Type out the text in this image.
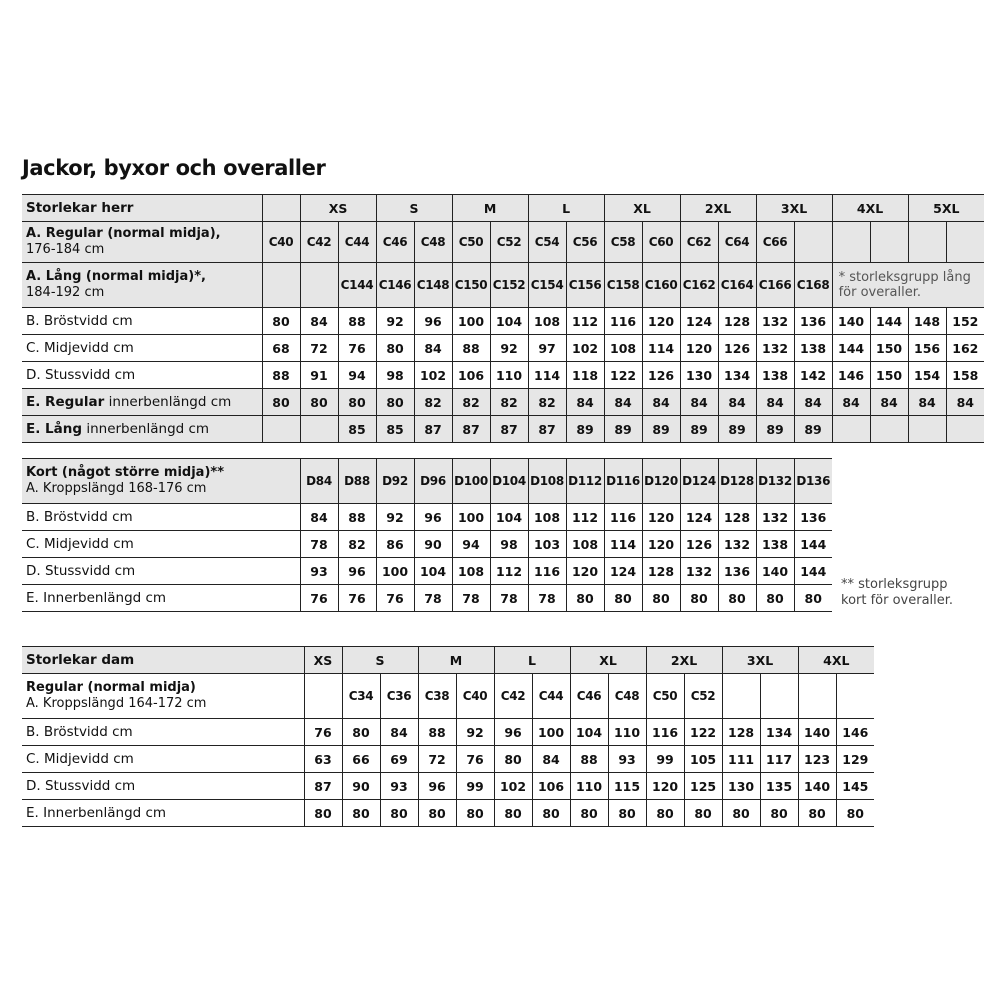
Jackor, byxor och overaller
Storlekar herr		XS		S		M		L		XL		2XL		3XL		4XL		5XL	
A. Regular (normal midja),
176-184 cm	C40	C42	C44	C46	C48	C50	C52	C54	C56	C58	C60	C62	C64	C66					
A. Lång (normal midja)*,
184-192 cm			C144	C146	C148	C150	C152	C154	C156	C158	C160	C162	C164	C166	C168	* storleksgrupp lång för overaller.			
B. Bröstvidd cm	80	84	88	92	96	100	104	108	112	116	120	124	128	132	136	140	144	148	152
C. Midjevidd cm	68	72	76	80	84	88	92	97	102	108	114	120	126	132	138	144	150	156	162
D. Stussvidd cm	88	91	94	98	102	106	110	114	118	122	126	130	134	138	142	146	150	154	158
E. Regular innerbenlängd cm	80	80	80	80	82	82	82	82	84	84	84	84	84	84	84	84	84	84	84
E. Lång innerbenlängd cm			85	85	87	87	87	87	89	89	89	89	89	89	89				
Kort (något större midja)**
A. Kroppslängd 168-176 cm	D84	D88	D92	D96	D100	D104	D108	D112	D116	D120	D124	D128	D132	D136
B. Bröstvidd cm	84	88	92	96	100	104	108	112	116	120	124	128	132	136
C. Midjevidd cm	78	82	86	90	94	98	103	108	114	120	126	132	138	144
D. Stussvidd cm	93	96	100	104	108	112	116	120	124	128	132	136	140	144
E. Innerbenlängd cm	76	76	76	78	78	78	78	80	80	80	80	80	80	80

** storleksgrupp
kort för overaller.

Storlekar dam	XS	S		M		L		XL		2XL		3XL		4XL	
Regular (normal midja)
A. Kroppslängd 164-172 cm		C34	C36	C38	C40	C42	C44	C46	C48	C50	C52				
B. Bröstvidd cm	76	80	84	88	92	96	100	104	110	116	122	128	134	140	146
C. Midjevidd cm	63	66	69	72	76	80	84	88	93	99	105	111	117	123	129
D. Stussvidd cm	87	90	93	96	99	102	106	110	115	120	125	130	135	140	145
E. Innerbenlängd cm	80	80	80	80	80	80	80	80	80	80	80	80	80	80	80
